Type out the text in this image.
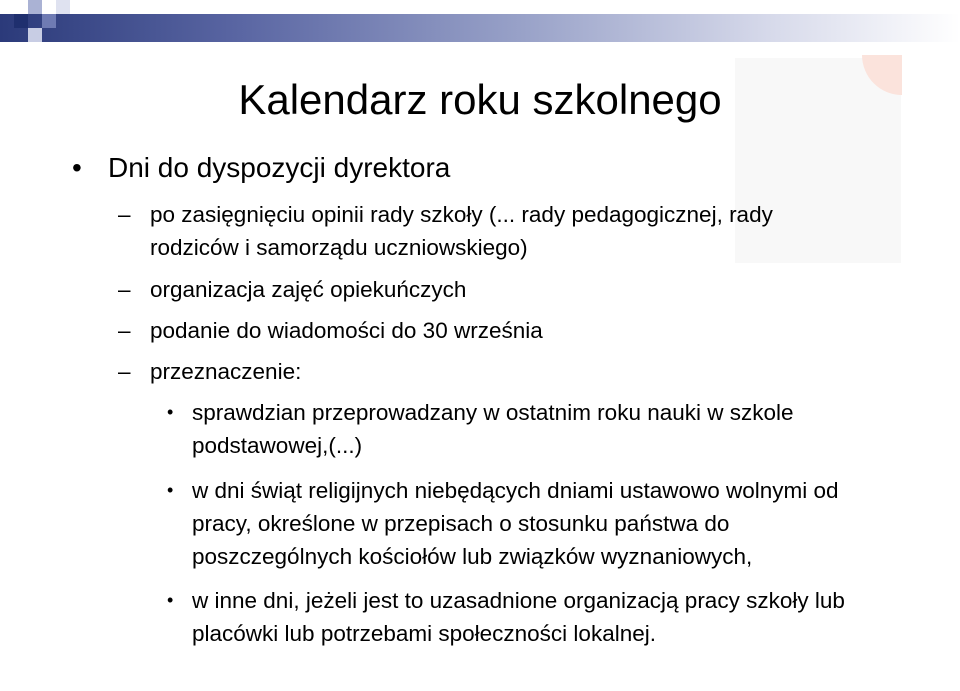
Kalendarz roku szkolnego
• Dni do dyspozycji dyrektora
– po zasięgnięciu opinii rady szkoły (... rady pedagogicznej, rady
rodziców i samorządu uczniowskiego)
– organizacja zajęć opiekuńczych
– podanie do wiadomości do 30 września
– przeznaczenie:
• sprawdzian przeprowadzany w ostatnim roku nauki w szkole
podstawowej,(...)
• w dni świąt religijnych niebędących dniami ustawowo wolnymi od
pracy, określone w przepisach o stosunku państwa do
poszczególnych kościołów lub związków wyznaniowych,
• w inne dni, jeżeli jest to uzasadnione organizacją pracy szkoły lub
placówki lub potrzebami społeczności lokalnej.
